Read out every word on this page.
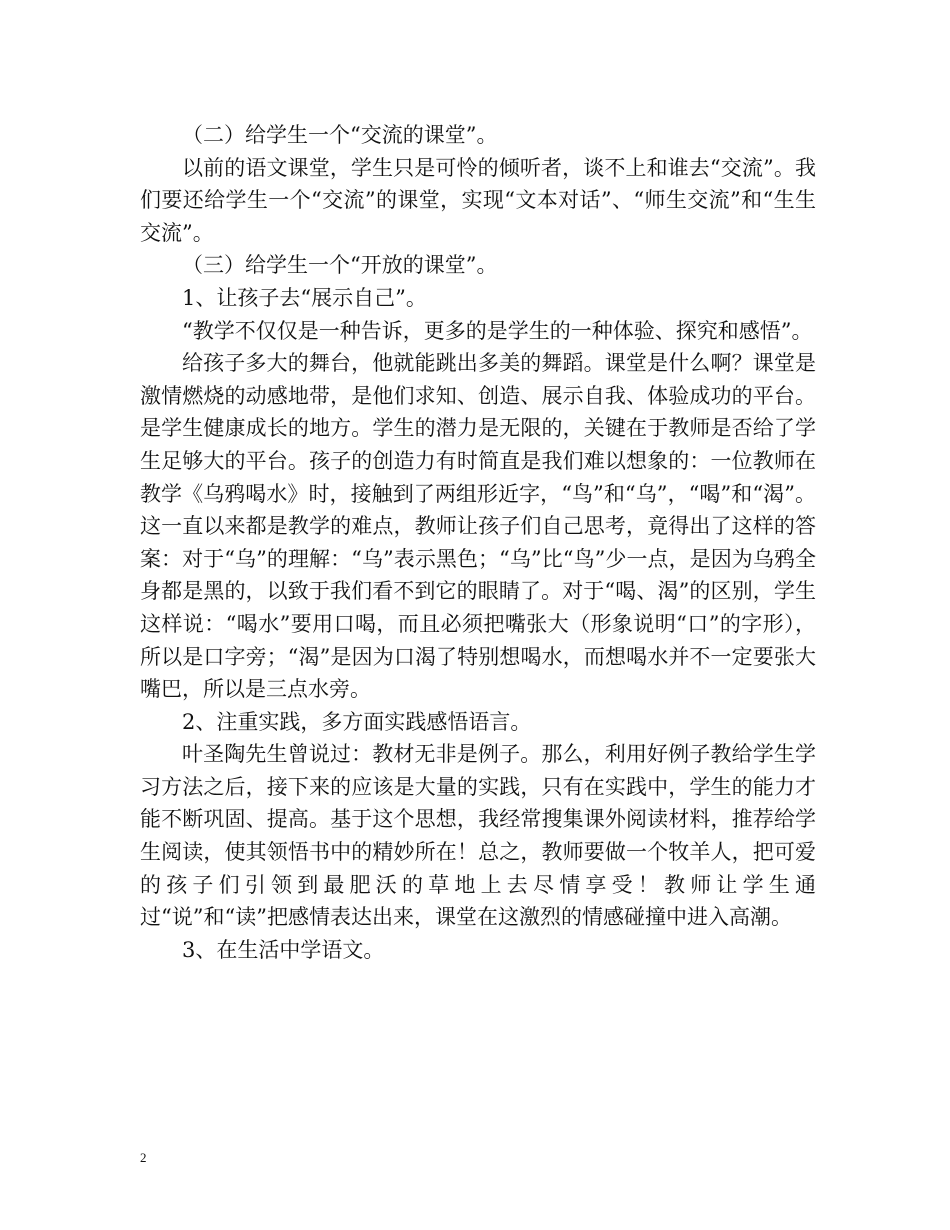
（二）给学生一个“交流的课堂”。

以前的语文课堂，学生只是可怜的倾听者，谈不上和谁去“交流”。我们要还给学生一个“交流”的课堂，实现“文本对话”、“师生交流”和“生生交流”。

（三）给学生一个“开放的课堂”。

1、让孩子去“展示自己”。

“教学不仅仅是一种告诉，更多的是学生的一种体验、探究和感悟”。

给孩子多大的舞台，他就能跳出多美的舞蹈。课堂是什么啊？课堂是激情燃烧的动感地带，是他们求知、创造、展示自我、体验成功的平台。是学生健康成长的地方。学生的潜力是无限的，关键在于教师是否给了学生足够大的平台。孩子的创造力有时简直是我们难以想象的：一位教师在教学《乌鸦喝水》时，接触到了两组形近字，“鸟”和“乌”，“喝”和“渴”。这一直以来都是教学的难点，教师让孩子们自己思考，竟得出了这样的答案：对于“乌”的理解：“乌”表示黑色；“乌”比“鸟”少一点，是因为乌鸦全身都是黑的，以致于我们看不到它的眼睛了。对于“喝、渴”的区别，学生这样说：“喝水”要用口喝，而且必须把嘴张大（形象说明“口”的字形），所以是口字旁；“渴”是因为口渴了特别想喝水，而想喝水并不一定要张大嘴巴，所以是三点水旁。

2、注重实践，多方面实践感悟语言。

叶圣陶先生曾说过：教材无非是例子。那么，利用好例子教给学生学习方法之后，接下来的应该是大量的实践，只有在实践中，学生的能力才能不断巩固、提高。基于这个思想，我经常搜集课外阅读材料，推荐给学生阅读，使其领悟书中的精妙所在！总之，教师要做一个牧羊人，把可爱的孩子们引领到最肥沃的草地上去尽情享受！教师让学生通过“说”和“读”把感情表达出来，课堂在这激烈的情感碰撞中进入高潮。

3、在生活中学语文。

2
